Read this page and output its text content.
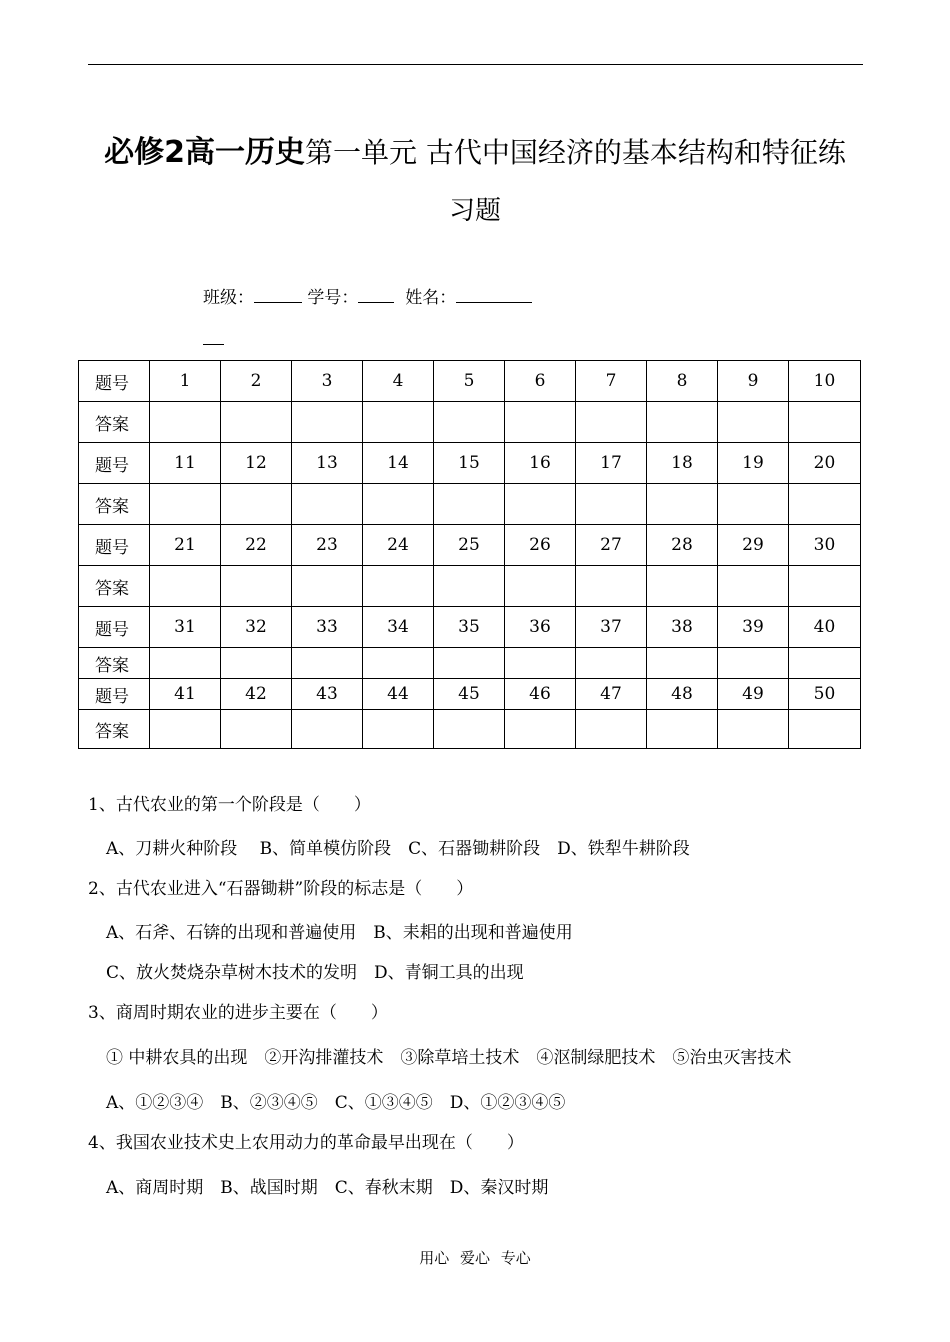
必修2高一历史第一单元 古代中国经济的基本结构和特征练
习题
班级：	学号：	姓名：
题号	1	2	3	4	5	6	7	8	9	10
答案										
题号	11	12	13	14	15	16	17	18	19	20
答案										
题号	21	22	23	24	25	26	27	28	29	30
答案										
题号	31	32	33	34	35	36	37	38	39	40
答案										
题号	41	42	43	44	45	46	47	48	49	50
答案										
1、古代农业的第一个阶段是（　　）
A、刀耕火种阶段　 B、简单模仿阶段　C、石器锄耕阶段　D、铁犁牛耕阶段
2、古代农业进入“石器锄耕”阶段的标志是（　　）
A、石斧、石锛的出现和普遍使用　B、耒耜的出现和普遍使用
C、放火焚烧杂草树木技术的发明　D、青铜工具的出现
3、商周时期农业的进步主要在（　　）
① 中耕农具的出现　②开沟排灌技术　③除草培土技术　④沤制绿肥技术　⑤治虫灭害技术
A、①②③④　B、②③④⑤　C、①③④⑤　D、①②③④⑤
4、我国农业技术史上农用动力的革命最早出现在（　　）
A、商周时期　B、战国时期　C、春秋末期　D、秦汉时期
用心 爱心 专心
